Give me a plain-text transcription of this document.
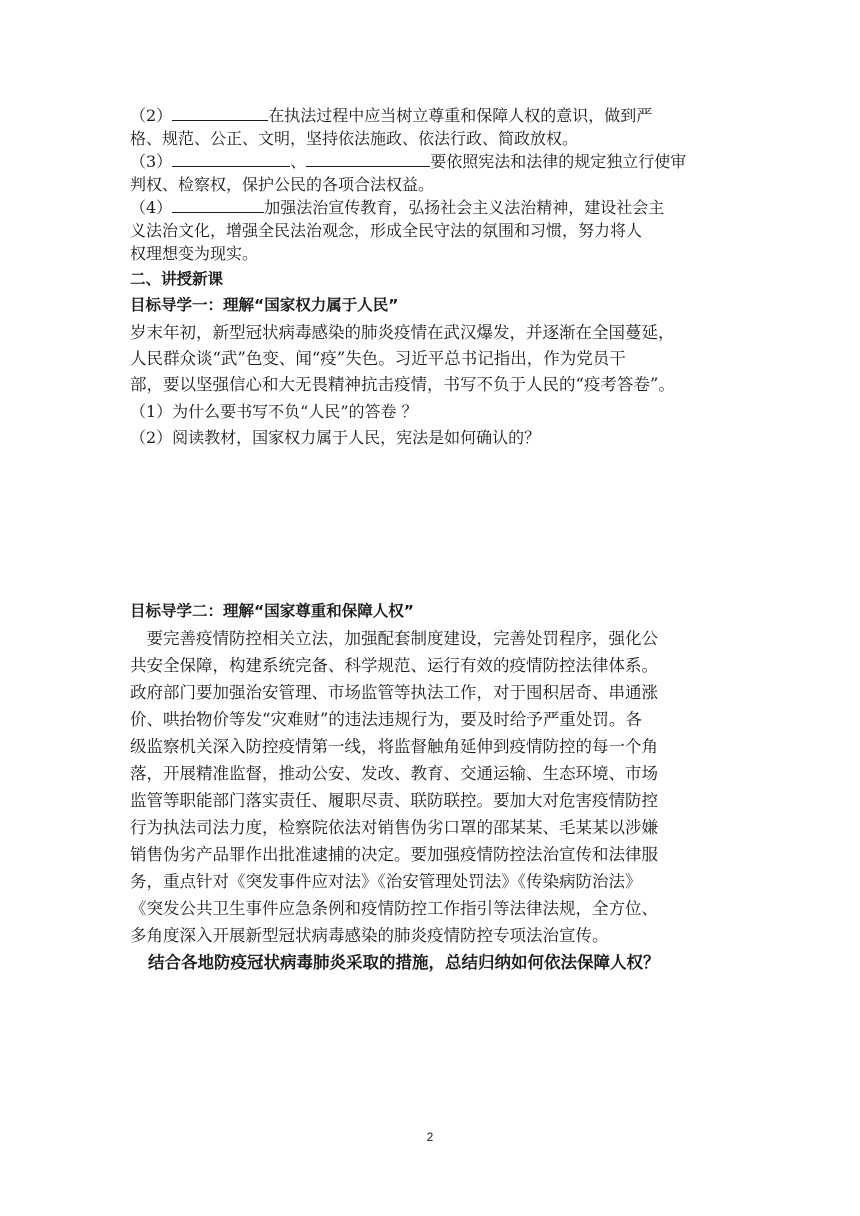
（2）	在执法过程中应当树立尊重和保障人权的意识，做到严
格、规范、公正、文明，坚持依法施政、依法行政、简政放权。
（3）	、	要依照宪法和法律的规定独立行使审
判权、检察权，保护公民的各项合法权益。
（4）	加强法治宣传教育，弘扬社会主义法治精神，建设社会主
义法治文化，增强全民法治观念，形成全民守法的氛围和习惯，努力将人
权理想变为现实。
二、讲授新课
目标导学一：理解“国家权力属于人民”
岁末年初，新型冠状病毒感染的肺炎疫情在武汉爆发，并逐渐在全国蔓延，
人民群众谈“武”色变、闻“疫”失色。习近平总书记指出，作为党员干
部，要以坚强信心和大无畏精神抗击疫情，书写不负于人民的“疫考答卷”。
（1）为什么要书写不负“人民”的答卷 ？
（2）阅读教材，国家权力属于人民，宪法是如何确认的？
目标导学二：理解“国家尊重和保障人权”
　要完善疫情防控相关立法，加强配套制度建设，完善处罚程序，强化公
共安全保障，构建系统完备、科学规范、运行有效的疫情防控法律体系。
政府部门要加强治安管理、市场监管等执法工作，对于囤积居奇、串通涨
价、哄抬物价等发“灾难财”的违法违规行为，要及时给予严重处罚。各
级监察机关深入防控疫情第一线，将监督触角延伸到疫情防控的每一个角
落，开展精准监督，推动公安、发改、教育、交通运输、生态环境、市场
监管等职能部门落实责任、履职尽责、联防联控。要加大对危害疫情防控
行为执法司法力度，检察院依法对销售伪劣口罩的邵某某、毛某某以涉嫌
销售伪劣产品罪作出批准逮捕的决定。要加强疫情防控法治宣传和法律服
务，重点针对《突发事件应对法》《治安管理处罚法》《传染病防治法》
《突发公共卫生事件应急条例和疫情防控工作指引等法律法规，全方位、
多角度深入开展新型冠状病毒感染的肺炎疫情防控专项法治宣传。
结合各地防疫冠状病毒肺炎采取的措施，总结归纳如何依法保障人权？
2
